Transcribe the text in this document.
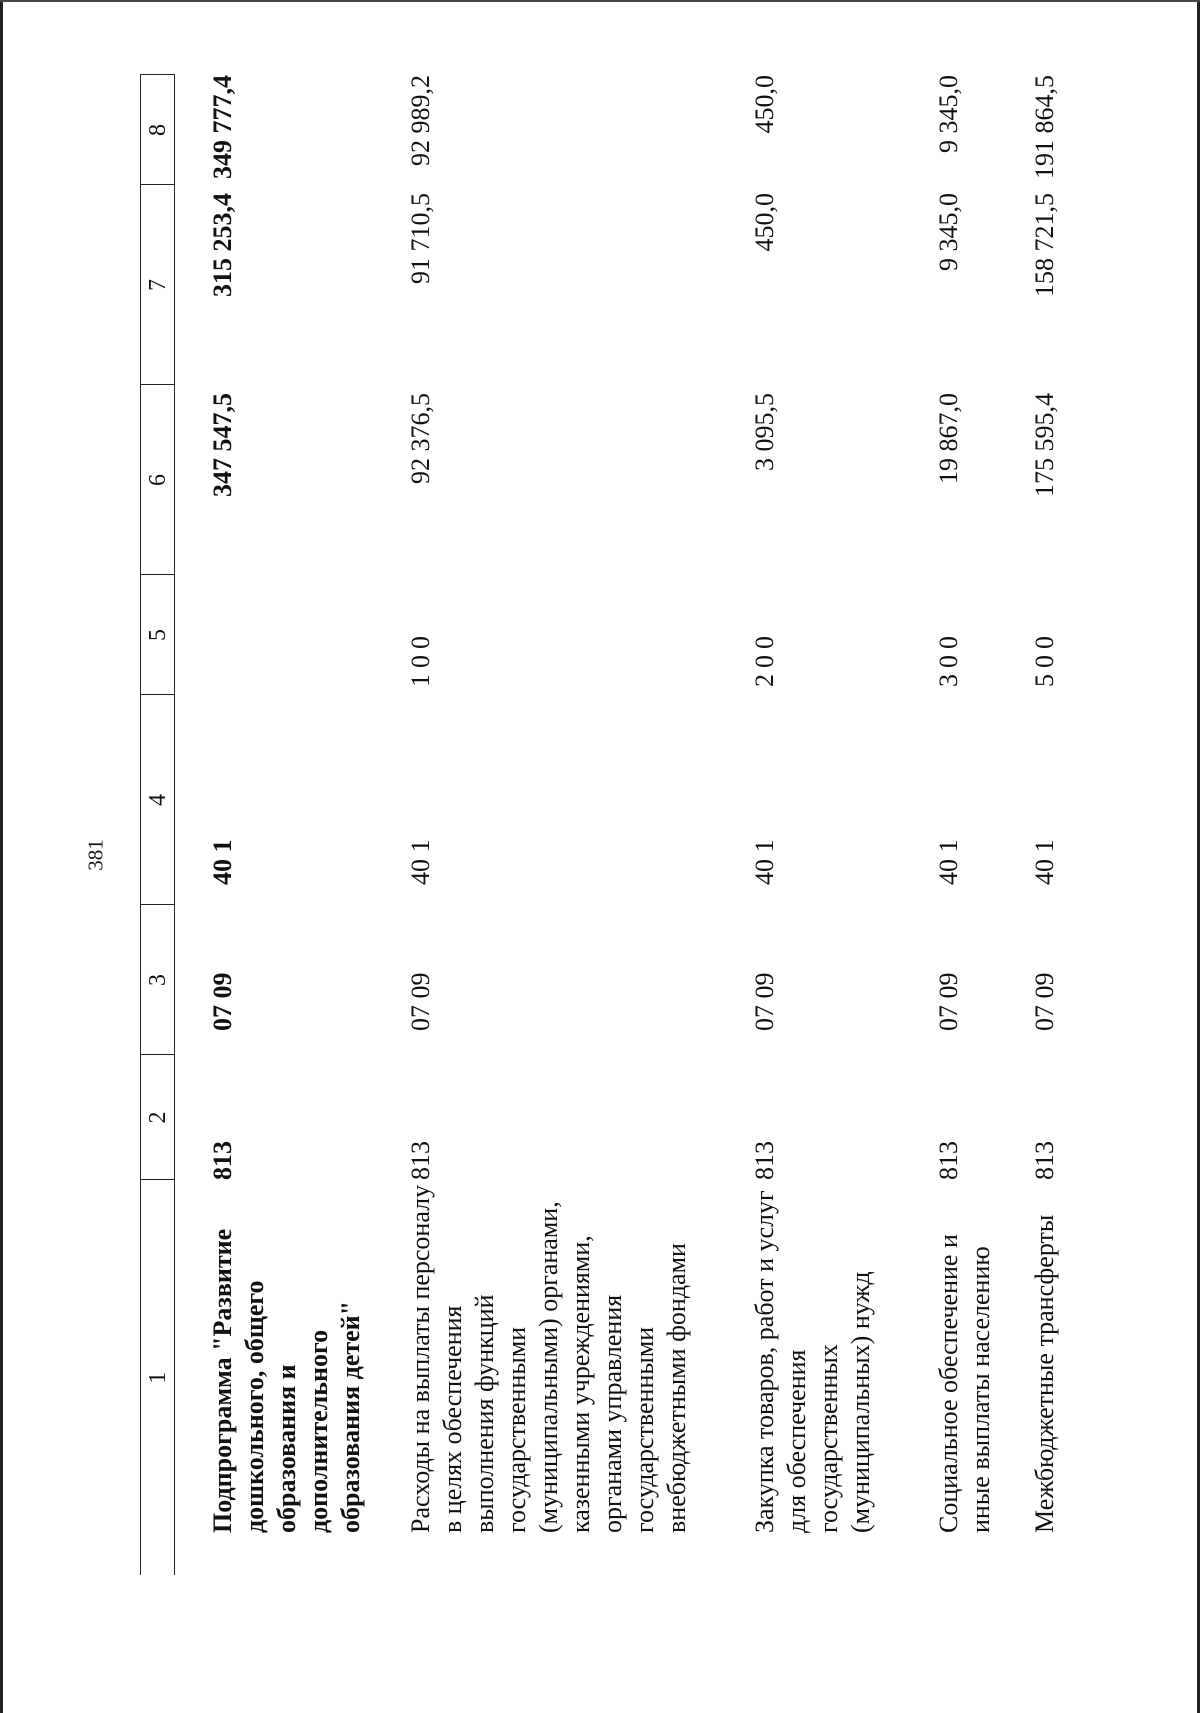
381
1	2	3	4	5	6	7	8
Подпрограмма "Развитие дошкольного, общего образования и дополнительного образования детей"	813	07 09	40 1		347 547,5	315 253,4	349 777,4
Расходы на выплаты персоналу в целях обеспечения выполнения функций государственными (муниципальными) органами, казенными учреждениями, органами управления государственными внебюджетными фондами	813	07 09	40 1	100	92 376,5	91 710,5	92 989,2
Закупка товаров, работ и услуг для обеспечения государственных (муниципальных) нужд	813	07 09	40 1	200	3 095,5	450,0	450,0
Социальное обеспечение и иные выплаты населению	813	07 09	40 1	300	19 867,0	9 345,0	9 345,0
Межбюджетные трансферты	813	07 09	40 1	500	175 595,4	158 721,5	191 864,5
